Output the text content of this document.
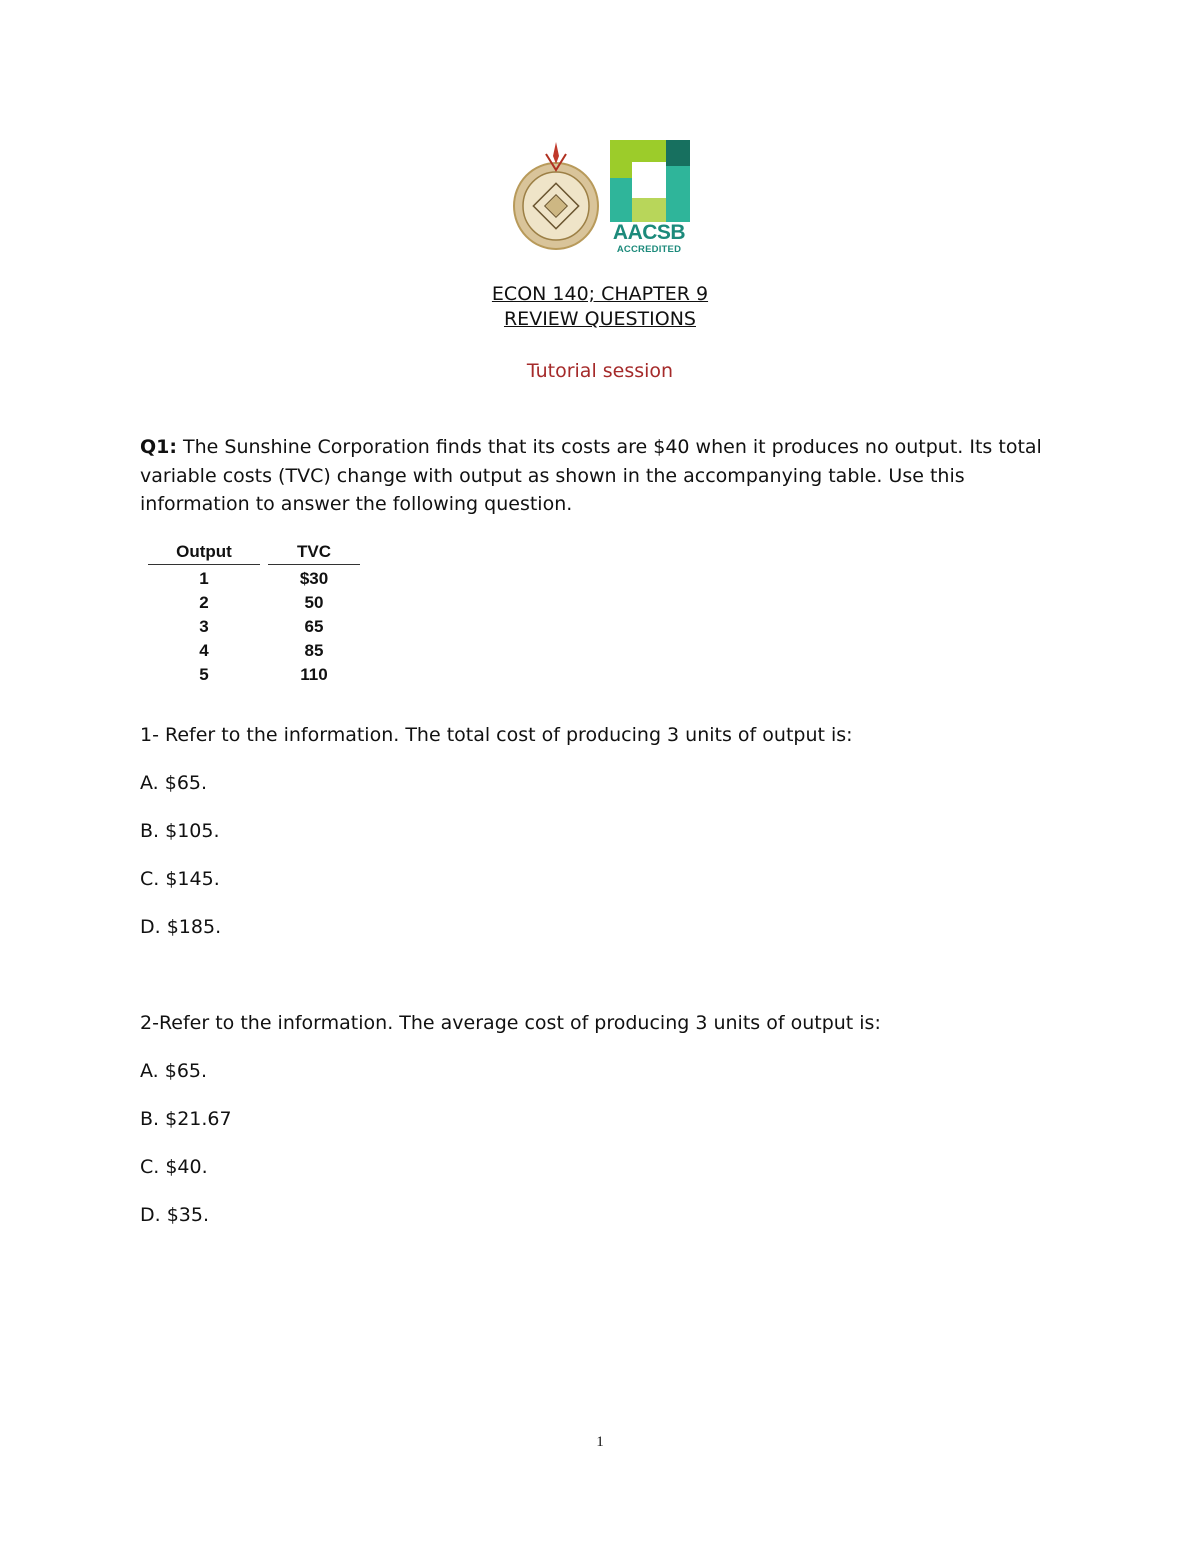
AACSB
ACCREDITED
ECON 140; CHAPTER 9
REVIEW QUESTIONS
Tutorial session
Q1: The Sunshine Corporation finds that its costs are $40 when it produces no output. Its total variable costs (TVC) change with output as shown in the accompanying table. Use this information to answer the following question.
Output	TVC
1	$30
2	50
3	65
4	85
5	110
1- Refer to the information. The total cost of producing 3 units of output is:
A. $65.
B. $105.
C. $145.
D. $185.
2-Refer to the information. The average cost of producing 3 units of output is:
A. $65.
B. $21.67
C. $40.
D. $35.
1
